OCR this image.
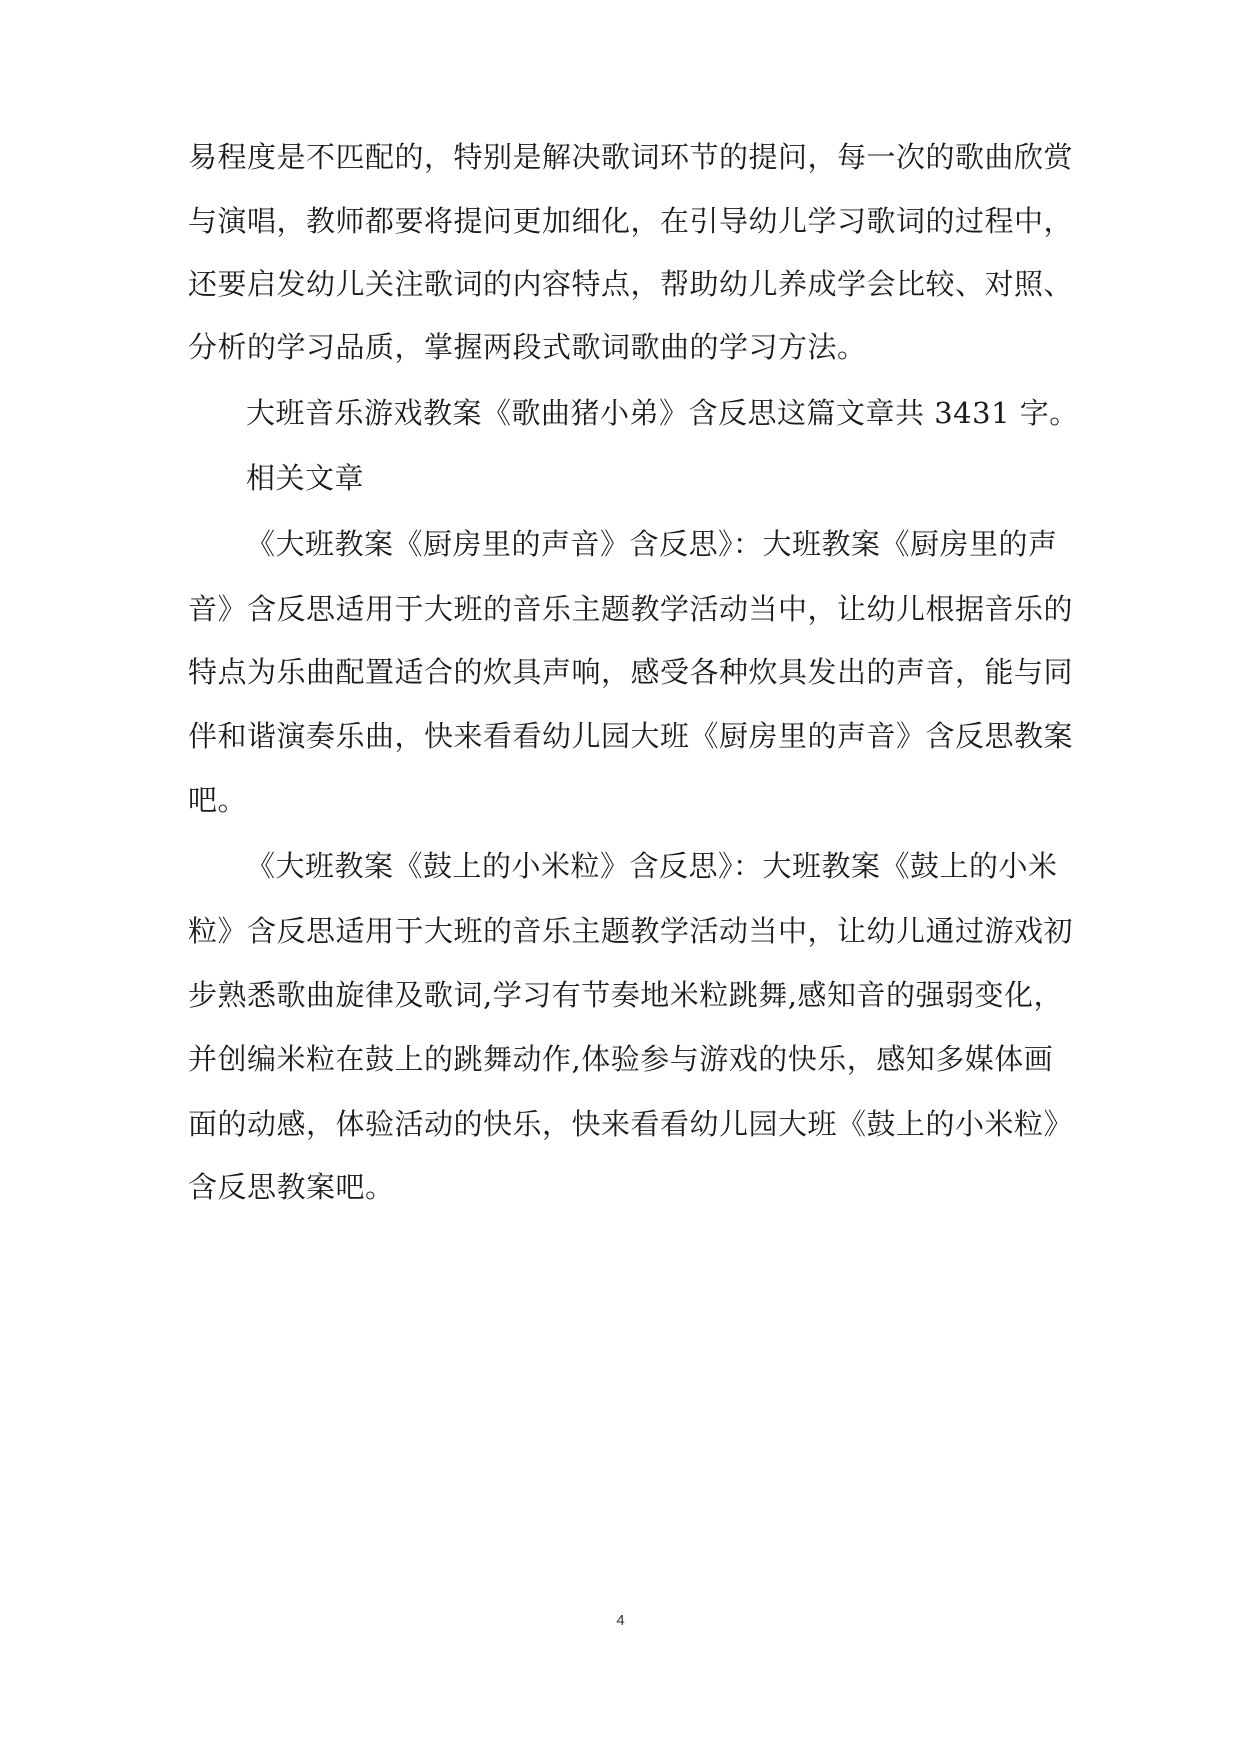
易程度是不匹配的，特别是解决歌词环节的提问，每一次的歌曲欣赏
与演唱，教师都要将提问更加细化，在引导幼儿学习歌词的过程中，
还要启发幼儿关注歌词的内容特点，帮助幼儿养成学会比较、对照、
分析的学习品质，掌握两段式歌词歌曲的学习方法。
大班音乐游戏教案《歌曲猪小弟》含反思这篇文章共 3431 字。
相关文章
《大班教案《厨房里的声音》含反思》：大班教案《厨房里的声
音》含反思适用于大班的音乐主题教学活动当中，让幼儿根据音乐的
特点为乐曲配置适合的炊具声响，感受各种炊具发出的声音，能与同
伴和谐演奏乐曲，快来看看幼儿园大班《厨房里的声音》含反思教案
吧。
《大班教案《鼓上的小米粒》含反思》：大班教案《鼓上的小米
粒》含反思适用于大班的音乐主题教学活动当中，让幼儿通过游戏初
步熟悉歌曲旋律及歌词,学习有节奏地米粒跳舞,感知音的强弱变化，
并创编米粒在鼓上的跳舞动作,体验参与游戏的快乐，感知多媒体画
面的动感，体验活动的快乐，快来看看幼儿园大班《鼓上的小米粒》
含反思教案吧。
4
